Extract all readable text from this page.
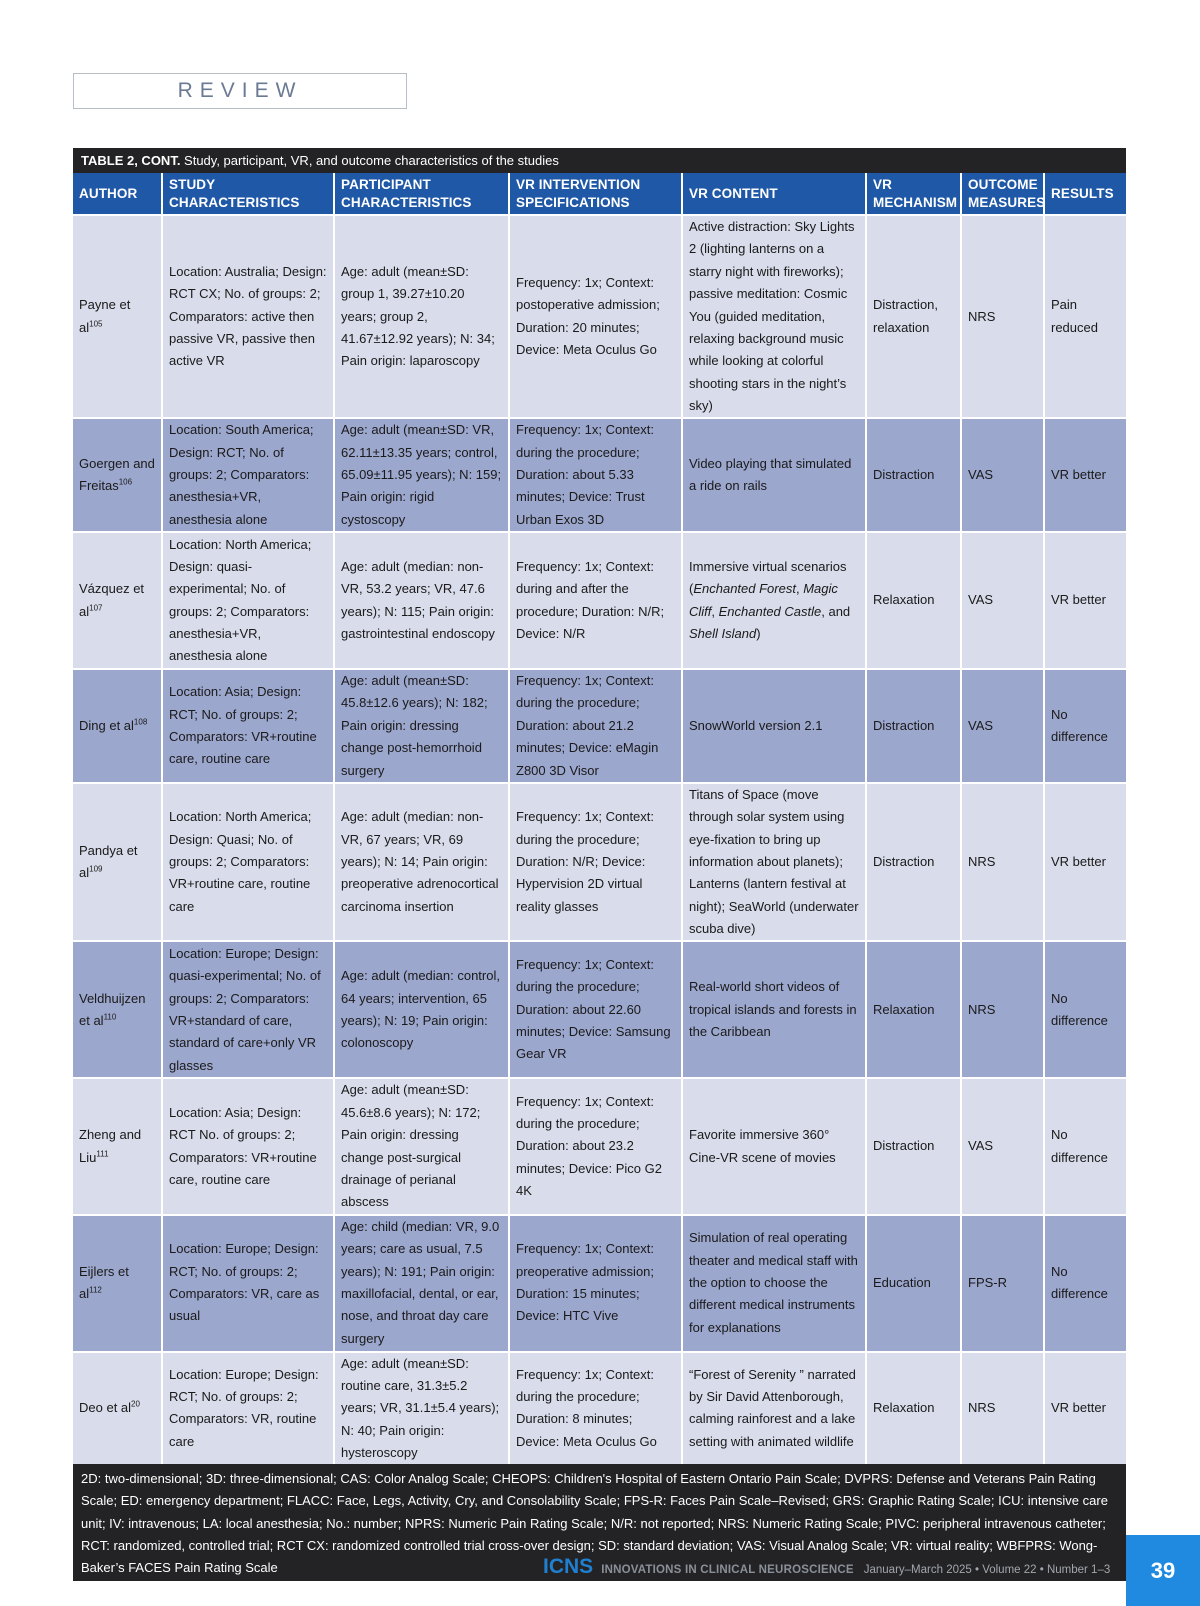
REVIEW
TABLE 2, CONT. Study, participant, VR, and outcome characteristics of the studies
AUTHOR	STUDY CHARACTERISTICS	PARTICIPANT CHARACTERISTICS	VR INTERVENTION SPECIFICATIONS	VR CONTENT	VR MECHANISM	OUTCOME MEASURES	RESULTS
Payne et $al^{105}$	Location: Australia; Design: RCT CX; No. of groups: 2; Comparators: active then passive VR, passive then active VR	Age: adult (mean±SD: group 1, 39.27±10.20 years; group 2, 41.67±12.92 years); N: 34; Pain origin: laparoscopy	Frequency: 1x; Context: postoperative admission; Duration: 20 minutes; Device: Meta Oculus Go	Active distraction: Sky Lights 2 (lighting lanterns on a starry night with fireworks); passive meditation: Cosmic You (guided meditation, relaxing background music while looking at colorful shooting stars in the night’s sky)	Distraction, relaxation	NRS	Pain reduced
Goergen and Freitas$^{106}$	Location: South America; Design: RCT; No. of groups: 2; Comparators: anesthesia+VR, anesthesia alone	Age: adult (mean±SD: VR, 62.11±13.35 years; control, 65.09±11.95 years); N: 159; Pain origin: rigid cystoscopy	Frequency: 1x; Context: during the procedure; Duration: about 5.33 minutes; Device: Trust Urban Exos 3D	Video playing that simulated a ride on rails	Distraction	VAS	VR better
Vázquez et $al^{107}$	Location: North America; Design: quasi-experimental; No. of groups: 2; Comparators: anesthesia+VR, anesthesia alone	Age: adult (median: non-VR, 53.2 years; VR, 47.6 years); N: 115; Pain origin: gastrointestinal endoscopy	Frequency: 1x; Context: during and after the procedure; Duration: N/R; Device: N/R	Immersive virtual scenarios (Enchanted Forest, Magic Cliff, Enchanted Castle, and Shell Island)	Relaxation	VAS	VR better
Ding et $al^{108}$	Location: Asia; Design: RCT; No. of groups: 2; Comparators: VR+routine care, routine care	Age: adult (mean±SD: 45.8±12.6 years); N: 182; Pain origin: dressing change post-hemorrhoid surgery	Frequency: 1x; Context: during the procedure; Duration: about 21.2 minutes; Device: eMagin Z800 3D Visor	SnowWorld version 2.1	Distraction	VAS	No difference
Pandya et $al^{109}$	Location: North America; Design: Quasi; No. of groups: 2; Comparators: VR+routine care, routine care	Age: adult (median: non-VR, 67 years; VR, 69 years); N: 14; Pain origin: preoperative adrenocortical carcinoma insertion	Frequency: 1x; Context: during the procedure; Duration: N/R; Device: Hypervision 2D virtual reality glasses	Titans of Space (move through solar system using eye-fixation to bring up information about planets); Lanterns (lantern festival at night); SeaWorld (underwater scuba dive)	Distraction	NRS	VR better
Veldhuijzen et $al^{110}$	Location: Europe; Design: quasi-experimental; No. of groups: 2; Comparators: VR+standard of care, standard of care+only VR glasses	Age: adult (median: control, 64 years; intervention, 65 years); N: 19; Pain origin: colonoscopy	Frequency: 1x; Context: during the procedure; Duration: about 22.60 minutes; Device: Samsung Gear VR	Real-world short videos of tropical islands and forests in the Caribbean	Relaxation	NRS	No difference
Zheng and Liu$^{111}$	Location: Asia; Design: RCT No. of groups: 2; Comparators: VR+routine care, routine care	Age: adult (mean±SD: 45.6±8.6 years); N: 172; Pain origin: dressing change post-surgical drainage of perianal abscess	Frequency: 1x; Context: during the procedure; Duration: about 23.2 minutes; Device: Pico G2 4K	Favorite immersive 360° Cine-VR scene of movies	Distraction	VAS	No difference
Eijlers et $al^{112}$	Location: Europe; Design: RCT; No. of groups: 2; Comparators: VR, care as usual	Age: child (median: VR, 9.0 years; care as usual, 7.5 years); N: 191; Pain origin: maxillofacial, dental, or ear, nose, and throat day care surgery	Frequency: 1x; Context: preoperative admission; Duration: 15 minutes; Device: HTC Vive	Simulation of real operating theater and medical staff with the option to choose the different medical instruments for explanations	Education	FPS-R	No difference
Deo et $al^{20}$	Location: Europe; Design: RCT; No. of groups: 2; Comparators: VR, routine care	Age: adult (mean±SD: routine care, 31.3±5.2 years; VR, 31.1±5.4 years); N: 40; Pain origin: hysteroscopy	Frequency: 1x; Context: during the procedure; Duration: 8 minutes; Device: Meta Oculus Go	“Forest of Serenity ” narrated by Sir David Attenborough, calming rainforest and a lake setting with animated wildlife	Relaxation	NRS	VR better
2D: two-dimensional; 3D: three-dimensional; CAS: Color Analog Scale; CHEOPS: Children's Hospital of Eastern Ontario Pain Scale; DVPRS: Defense and Veterans Pain Rating Scale; ED: emergency department; FLACC: Face, Legs, Activity, Cry, and Consolability Scale; FPS-R: Faces Pain Scale–Revised; GRS: Graphic Rating Scale; ICU: intensive care unit; IV: intravenous; LA: local anesthesia; No.: number; NPRS: Numeric Pain Rating Scale; N/R: not reported; NRS: Numeric Rating Scale; PIVC: peripheral intravenous catheter; RCT: randomized, controlled trial; RCT CX: randomized controlled trial cross-over design; SD: standard deviation; VAS: Visual Analog Scale; VR: virtual reality; WBFPRS: Wong-Baker’s FACES Pain Rating Scale	ICNS INNOVATIONS IN CLINICAL NEUROSCIENCE January–March 2025 • Volume 22 • Number 1–3	39
